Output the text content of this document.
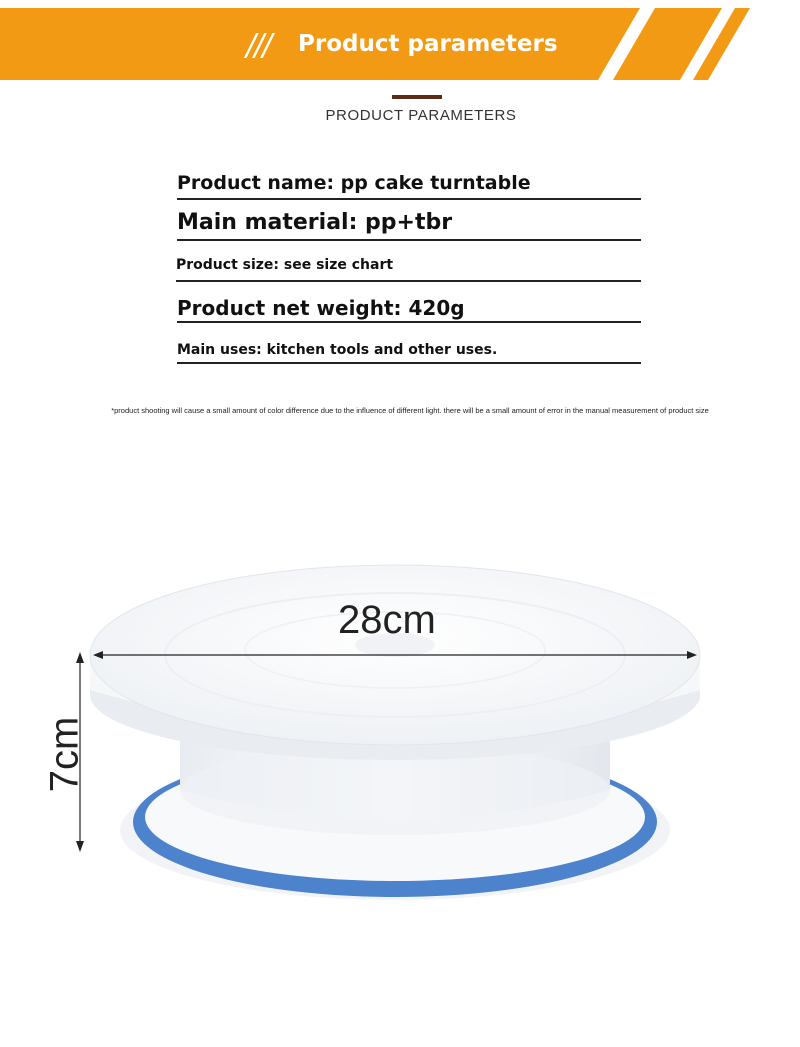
/// Product parameters
PRODUCT PARAMETERS
Product name: pp cake turntable
Main material: pp+tbr
Product size: see size chart
Product net weight: 420g
Main uses: kitchen tools and other uses.
*product shooting will cause a small amount of color difference due to the influence of different light. there will be a small amount of error in the manual measurement of product size
28cm
7cm
